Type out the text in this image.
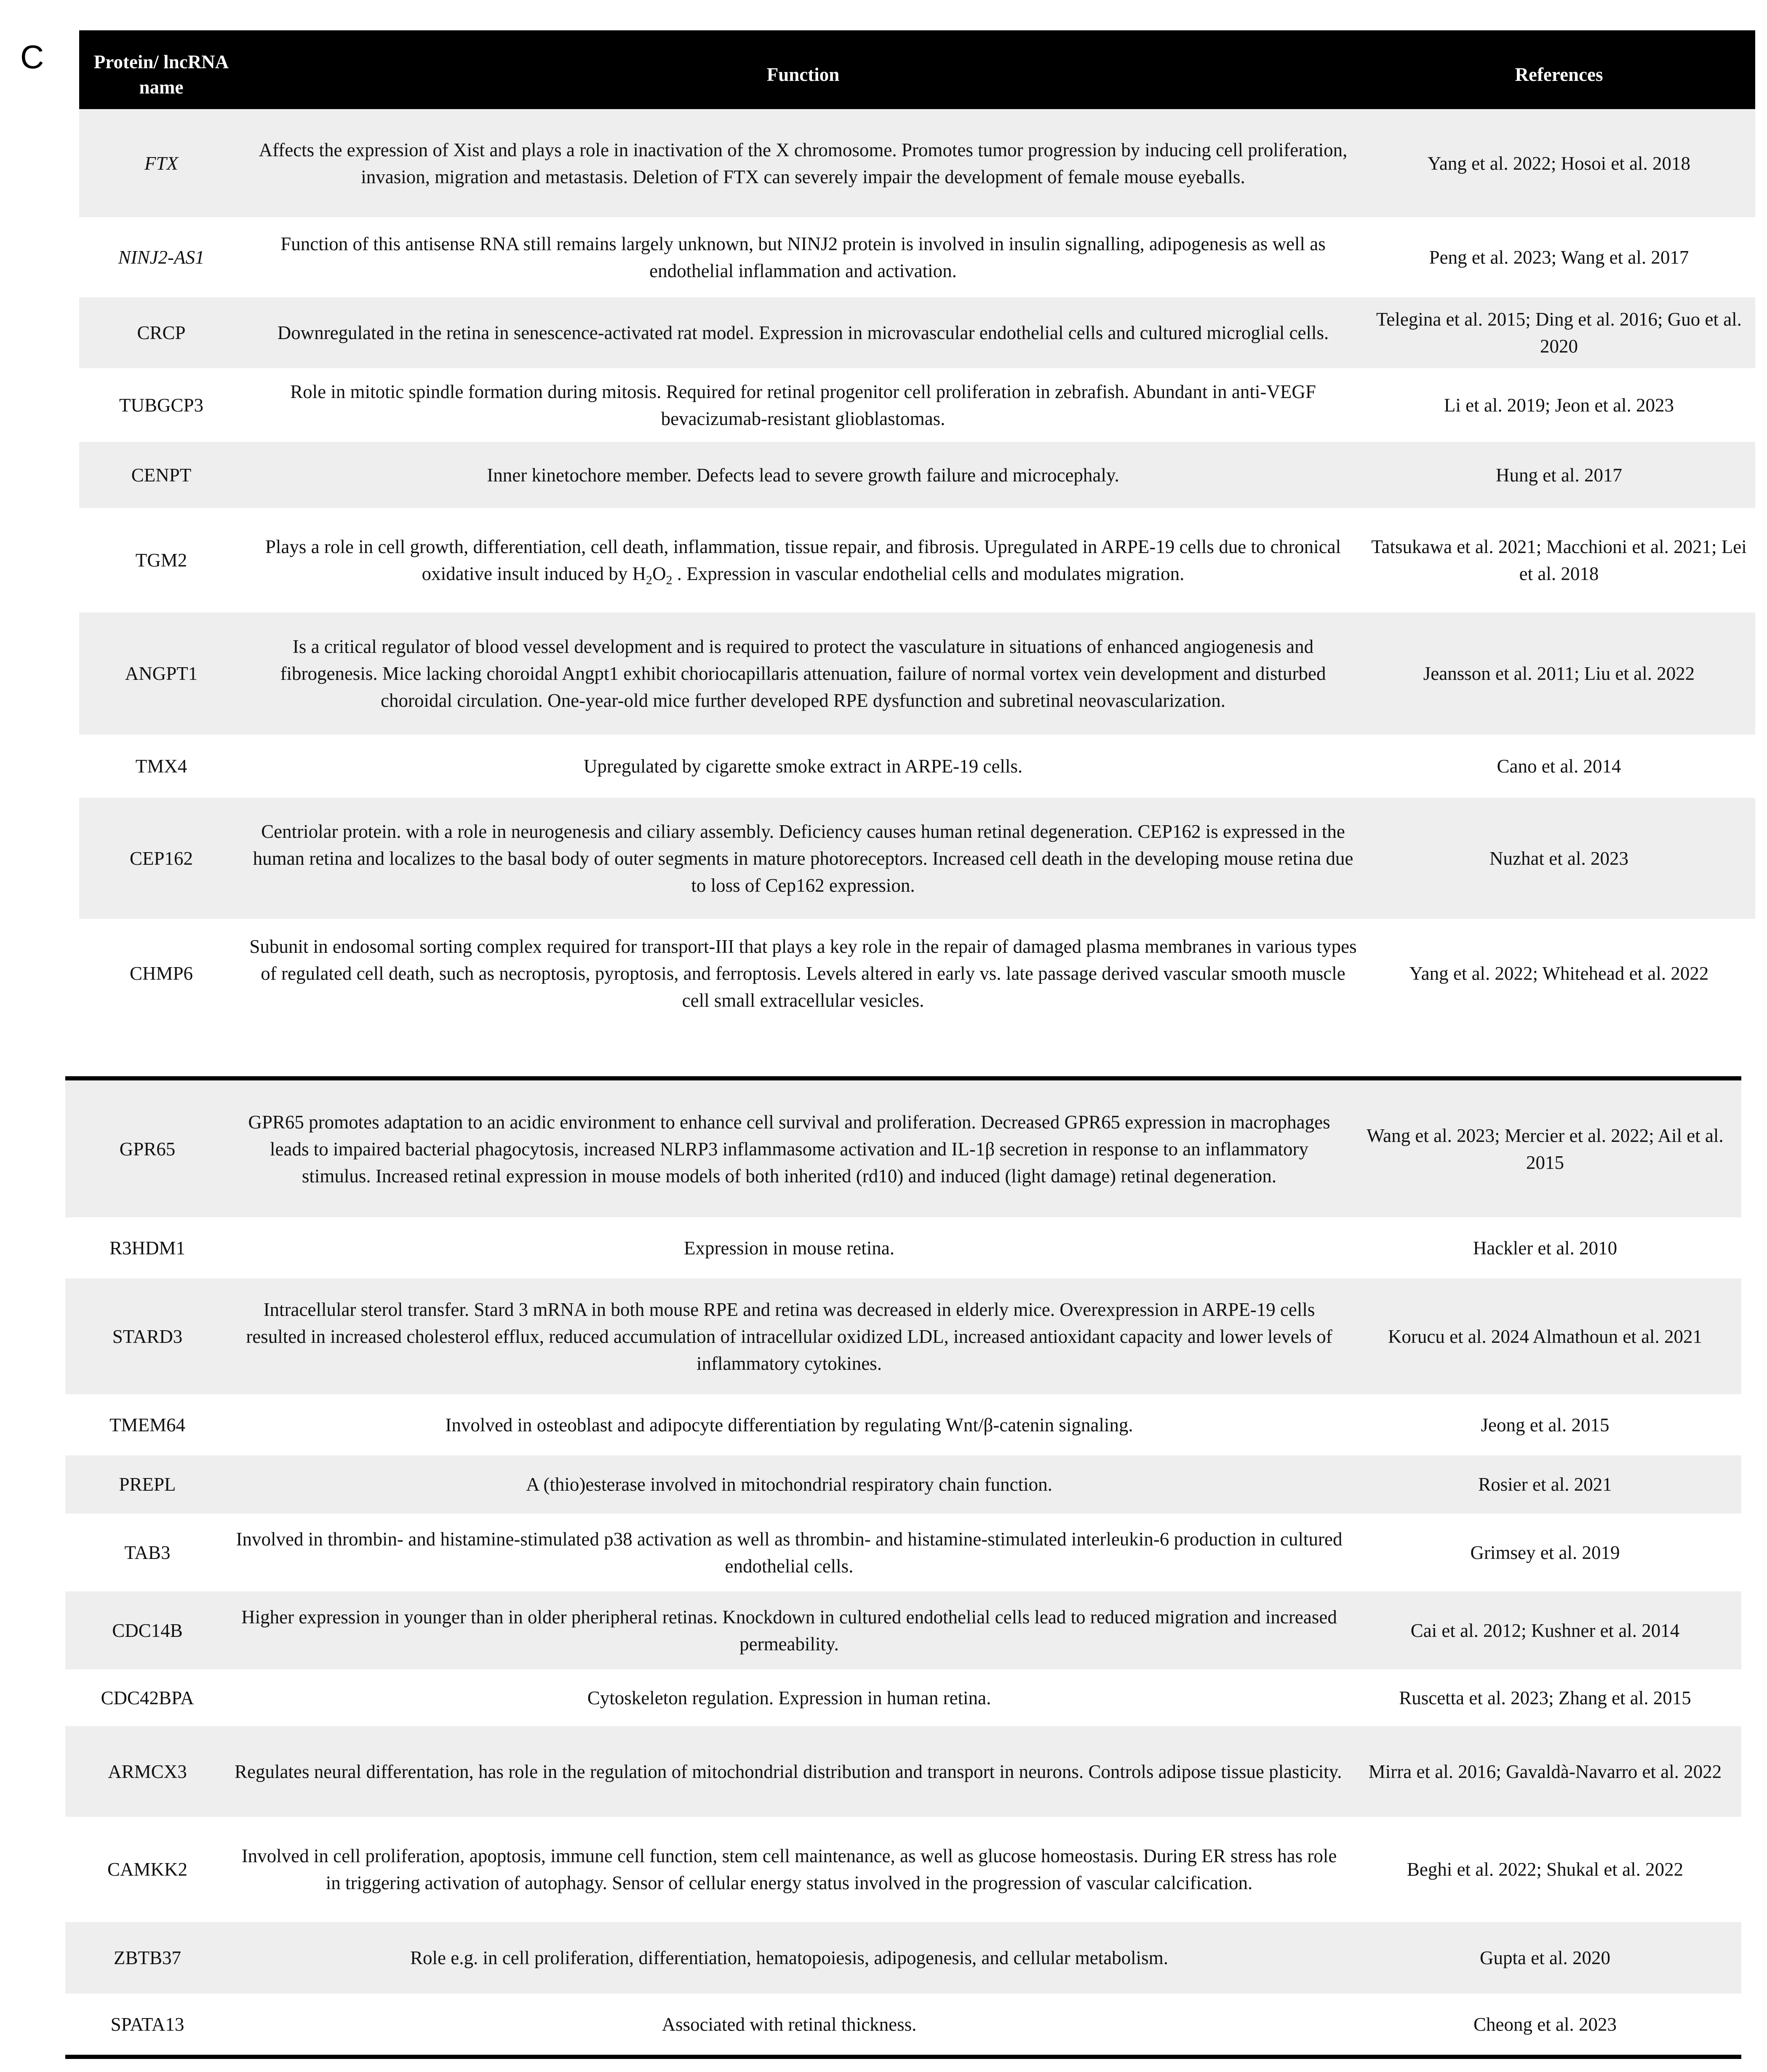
C	Protein/ lncRNA name	Function	References
FTX	Affects the expression of Xist and plays a role in inactivation of the X chromosome. Promotes tumor progression by inducing cell proliferation, invasion, migration and metastasis. Deletion of FTX can severely impair the development of female mouse eyeballs.	Yang et al. 2022; Hosoi et al. 2018
NINJ2-AS1	Function of this antisense RNA still remains largely unknown, but NINJ2 protein is involved in insulin signalling, adipogenesis as well as endothelial inflammation and activation.	Peng et al. 2023; Wang et al. 2017
CRCP	Downregulated in the retina in senescence-activated rat model. Expression in microvascular endothelial cells and cultured microglial cells.	Telegina et al. 2015; Ding et al. 2016; Guo et al. 2020
TUBGCP3	Role in mitotic spindle formation during mitosis. Required for retinal progenitor cell proliferation in zebrafish. Abundant in anti-VEGF bevacizumab-resistant glioblastomas.	Li et al. 2019; Jeon et al. 2023
CENPT	Inner kinetochore member. Defects lead to severe growth failure and microcephaly.	Hung et al. 2017
TGM2	Plays a role in cell growth, differentiation, cell death, inflammation, tissue repair, and fibrosis. Upregulated in ARPE-19 cells due to chronical oxidative insult induced by $H_2O_2$ . Expression in vascular endothelial cells and modulates migration.	Tatsukawa et al. 2021; Macchioni et al. 2021; Lei et al. 2018
ANGPT1	Is a critical regulator of blood vessel development and is required to protect the vasculature in situations of enhanced angiogenesis and fibrogenesis. Mice lacking choroidal Angpt1 exhibit choriocapillaris attenuation, failure of normal vortex vein development and disturbed choroidal circulation. One-year-old mice further developed RPE dysfunction and subretinal neovascularization.	Jeansson et al. 2011; Liu et al. 2022
TMX4	Upregulated by cigarette smoke extract in ARPE-19 cells.	Cano et al. 2014
CEP162	Centriolar protein. with a role in neurogenesis and ciliary assembly. Deficiency causes human retinal degeneration. CEP162 is expressed in the human retina and localizes to the basal body of outer segments in mature photoreceptors. Increased cell death in the developing mouse retina due to loss of Cep162 expression.	Nuzhat et al. 2023
CHMP6	Subunit in endosomal sorting complex required for transport-III that plays a key role in the repair of damaged plasma membranes in various types of regulated cell death, such as necroptosis, pyroptosis, and ferroptosis. Levels altered in early vs. late passage derived vascular smooth muscle cell small extracellular vesicles.	Yang et al. 2022; Whitehead et al. 2022
GPR65	GPR65 promotes adaptation to an acidic environment to enhance cell survival and proliferation. Decreased GPR65 expression in macrophages leads to impaired bacterial phagocytosis, increased NLRP3 inflammasome activation and IL-1β secretion in response to an inflammatory stimulus. Increased retinal expression in mouse models of both inherited (rd10) and induced (light damage) retinal degeneration.	Wang et al. 2023; Mercier et al. 2022; Ail et al. 2015
R3HDM1	Expression in mouse retina.	Hackler et al. 2010
STARD3	Intracellular sterol transfer. Stard 3 mRNA in both mouse RPE and retina was decreased in elderly mice. Overexpression in ARPE-19 cells resulted in increased cholesterol efflux, reduced accumulation of intracellular oxidized LDL, increased antioxidant capacity and lower levels of inflammatory cytokines.	Korucu et al. 2024 Almathoun et al. 2021
TMEM64	Involved in osteoblast and adipocyte differentiation by regulating Wnt/β-catenin signaling.	Jeong et al. 2015
PREPL	A (thio)esterase involved in mitochondrial respiratory chain function.	Rosier et al. 2021
TAB3	Involved in thrombin- and histamine-stimulated p38 activation as well as thrombin- and histamine-stimulated interleukin-6 production in cultured endothelial cells.	Grimsey et al. 2019
CDC14B	Higher expression in younger than in older pheripheral retinas. Knockdown in cultured endothelial cells lead to reduced migration and increased permeability.	Cai et al. 2012; Kushner et al. 2014
CDC42BPA	Cytoskeleton regulation. Expression in human retina.	Ruscetta et al. 2023; Zhang et al. 2015
ARMCX3	Regulates neural differentation, has role in the regulation of mitochondrial distribution and transport in neurons. Controls adipose tissue plasticity.	Mirra et al. 2016; Gavaldà-Navarro et al. 2022
CAMKK2	Involved in cell proliferation, apoptosis, immune cell function, stem cell maintenance, as well as glucose homeostasis. During ER stress has role in triggering activation of autophagy. Sensor of cellular energy status involved in the progression of vascular calcification.	Beghi et al. 2022; Shukal et al. 2022
ZBTB37	Role e.g. in cell proliferation, differentiation, hematopoiesis, adipogenesis, and cellular metabolism.	Gupta et al. 2020
SPATA13	Associated with retinal thickness.	Cheong et al. 2023
